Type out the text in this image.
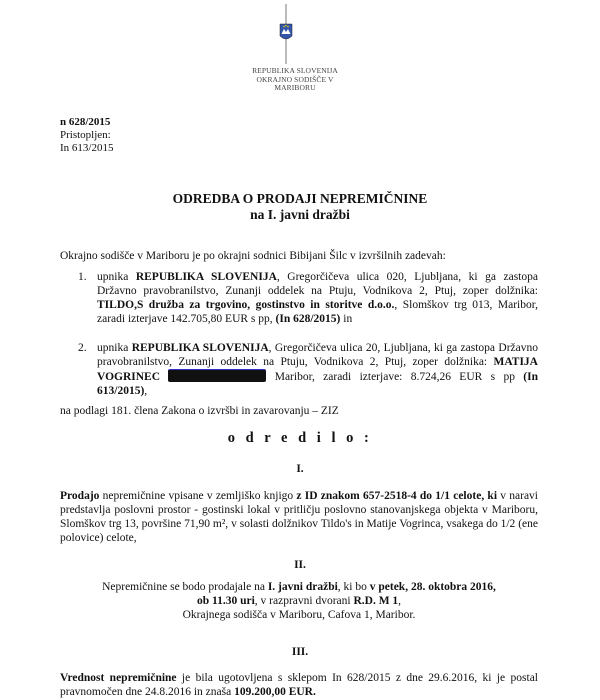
REPUBLIKA SLOVENIJA
OKRAJNO SODIŠČE V MARIBORU
n 628/2015
Pristopljen:
In 613/2015
ODREDBA O PRODAJI NEPREMIČNINE
na I. javni dražbi
Okrajno sodišče v Mariboru je po okrajni sodnici Bibijani Šilc v izvršilnih zadevah:
1. upnika REPUBLIKA SLOVENIJA, Gregorčičeva ulica 020, Ljubljana, ki ga zastopa Državno pravobranilstvo, Zunanji oddelek na Ptuju, Vodnikova 2, Ptuj, zoper dolžnika: TILDO,S družba za trgovino, gostinstvo in storitve d.o.o., Slomškov trg 013, Maribor, zaradi izterjave 142.705,80 EUR s pp, (In 628/2015) in
2. upnika REPUBLIKA SLOVENIJA, Gregorčičeva ulica 20, Ljubljana, ki ga zastopa Državno pravobranilstvo, Zunanji oddelek na Ptuju, Vodnikova 2, Ptuj, zoper dolžnika: MATIJA VOGRINEC	Maribor, zaradi izterjave: 8.724,26 EUR s pp (In 613/2015),
na podlagi 181. člena Zakona o izvršbi in zavarovanju – ZIZ
o d r e d i l o :
I.
Prodajo nepremičnine vpisane v zemljiško knjigo z ID znakom 657-2518-4 do 1/1 celote, ki v naravi predstavlja poslovni prostor - gostinski lokal v pritličju poslovno stanovanjskega objekta v Mariboru, Slomškov trg 13, površine 71,90 m², v solasti dolžnikov Tildo's in Matije Vogrinca, vsakega do 1/2 (ene polovice) celote,
II.
Nepremičnine se bodo prodajale na I. javni dražbi, ki bo v petek, 28. oktobra 2016,
ob 11.30 uri, v razpravni dvorani R.D. M 1,
Okrajnega sodišča v Mariboru, Cafova 1, Maribor.
III.
Vrednost nepremičnine je bila ugotovljena s sklepom In 628/2015 z dne 29.6.2016, ki je postal pravnomočen dne 24.8.2016 in znaša 109.200,00 EUR.
